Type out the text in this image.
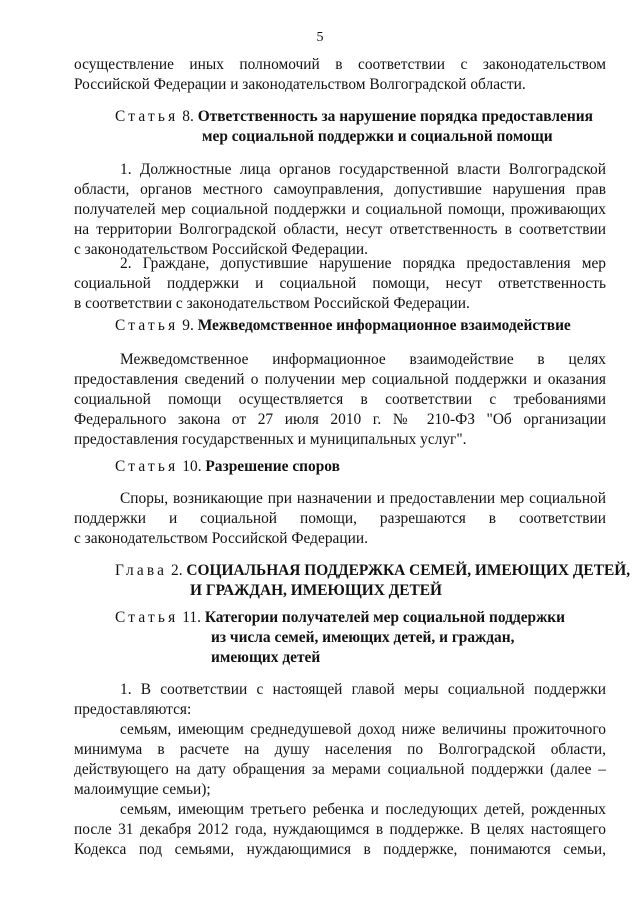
5
осуществление иных полномочий в соответствии с законодательством
Российской Федерации и законодательством Волгоградской области.
Статья 8. Ответственность за нарушение порядка предоставления
мер социальной поддержки и социальной помощи
1. Должностные лица органов государственной власти Волгоградской
области, органов местного самоуправления, допустившие нарушения прав
получателей мер социальной поддержки и социальной помощи, проживающих
на территории Волгоградской области, несут ответственность в соответствии
с законодательством Российской Федерации.
2. Граждане, допустившие нарушение порядка предоставления мер
социальной поддержки и социальной помощи, несут ответственность
в соответствии с законодательством Российской Федерации.
Статья 9. Межведомственное информационное взаимодействие
Межведомственное информационное взаимодействие в целях
предоставления сведений о получении мер социальной поддержки и оказания
социальной помощи осуществляется в соответствии с требованиями
Федерального закона от 27 июля 2010 г. № 210-ФЗ "Об организации
предоставления государственных и муниципальных услуг".
Статья 10. Разрешение споров
Споры, возникающие при назначении и предоставлении мер социальной
поддержки и социальной помощи, разрешаются в соответствии
с законодательством Российской Федерации.
Глава 2. СОЦИАЛЬНАЯ ПОДДЕРЖКА СЕМЕЙ, ИМЕЮЩИХ ДЕТЕЙ,
И ГРАЖДАН, ИМЕЮЩИХ ДЕТЕЙ
Статья 11. Категории получателей мер социальной поддержки
из числа семей, имеющих детей, и граждан,
имеющих детей
1. В соответствии с настоящей главой меры социальной поддержки
предоставляются:
семьям, имеющим среднедушевой доход ниже величины прожиточного
минимума в расчете на душу населения по Волгоградской области,
действующего на дату обращения за мерами социальной поддержки (далее –
малоимущие семьи);
семьям, имеющим третьего ребенка и последующих детей, рожденных
после 31 декабря 2012 года, нуждающимся в поддержке. В целях настоящего
Кодекса под семьями, нуждающимися в поддержке, понимаются семьи,
